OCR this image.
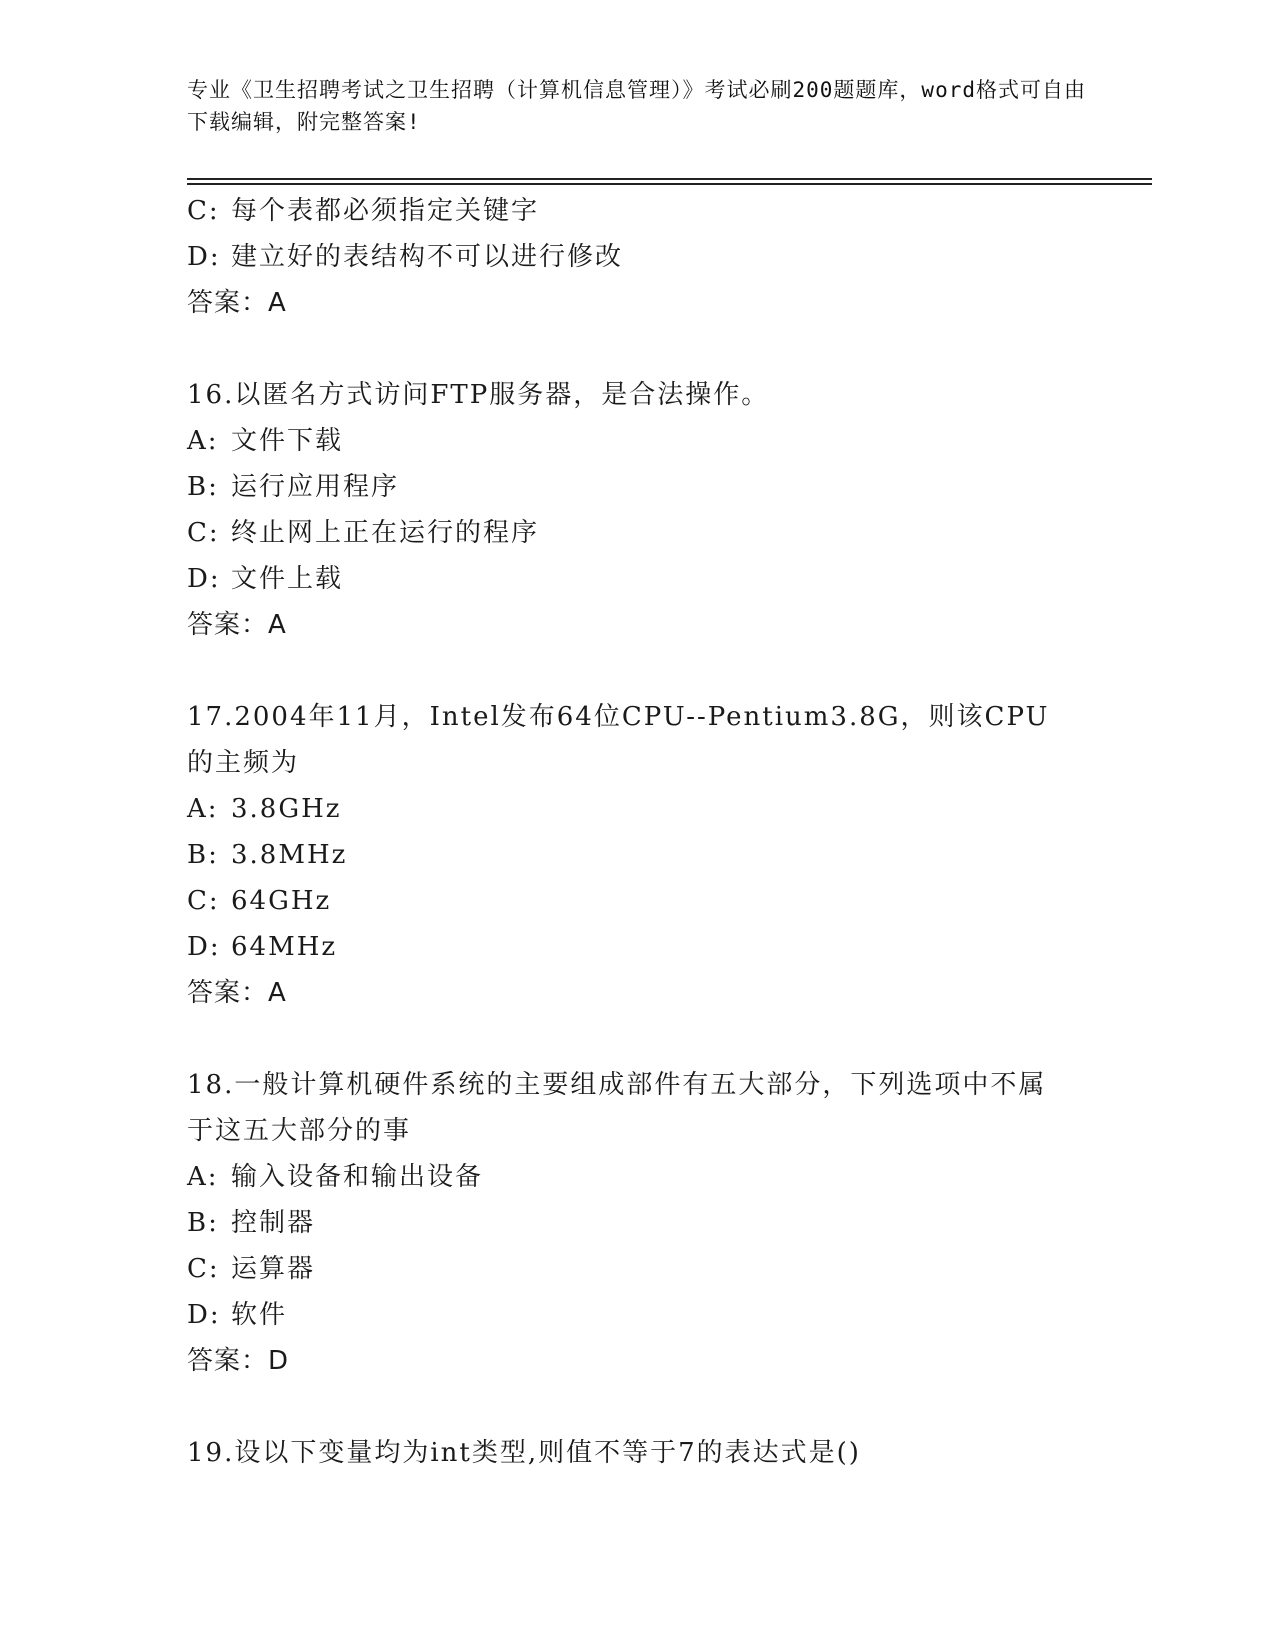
专业《卫生招聘考试之卫生招聘（计算机信息管理）》考试必刷200题题库，word格式可自由下载编辑，附完整答案!
C: 每个表都必须指定关键字
D: 建立好的表结构不可以进行修改
答案：A
16.以匿名方式访问FTP服务器，是合法操作。
A: 文件下载
B: 运行应用程序
C: 终止网上正在运行的程序
D: 文件上载
答案：A
17.2004年11月，Intel发布64位CPU--Pentium3.8G，则该CPU的主频为
A: 3.8GHz
B: 3.8MHz
C: 64GHz
D: 64MHz
答案：A
18.一般计算机硬件系统的主要组成部件有五大部分，下列选项中不属于这五大部分的事
A: 输入设备和输出设备
B: 控制器
C: 运算器
D: 软件
答案：D
19.设以下变量均为int类型,则值不等于7的表达式是()
